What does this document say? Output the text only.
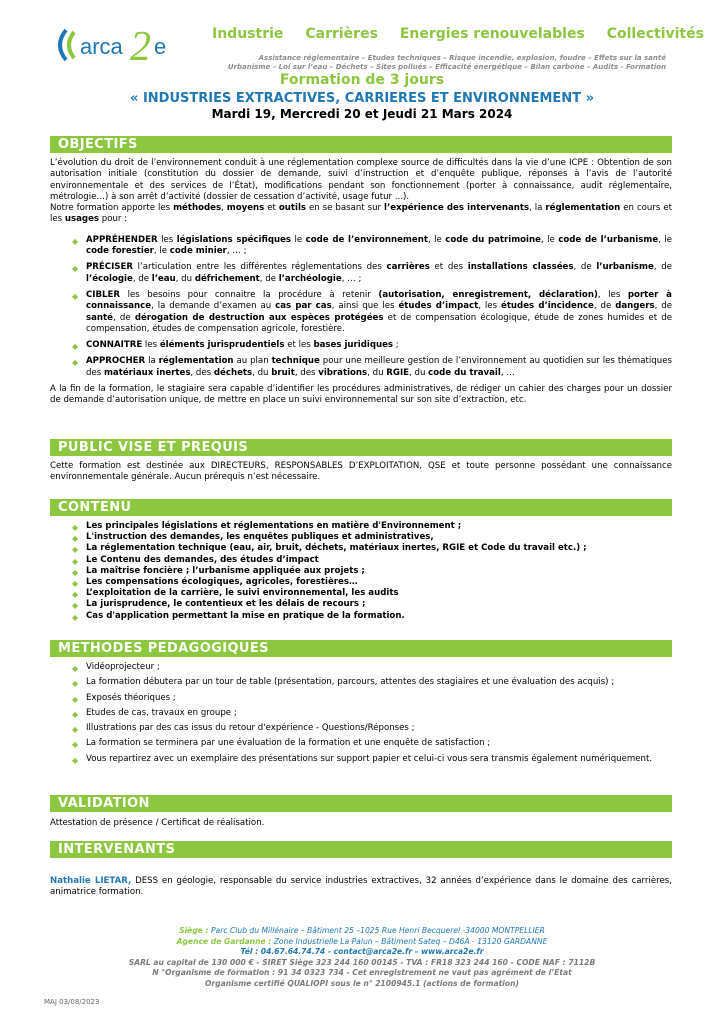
arca 2 e	Industrie Carrières Energies renouvelables Collectivités
Assistance réglementaire – Etudes techniques – Risque incendie, explosion, foudre – Effets sur la santé
Urbanisme – Loi sur l’eau – Déchets – Sites pollués – Efficacité énergétique – Bilan carbone – Audits - Formation
Formation de 3 jours
« INDUSTRIES EXTRACTIVES, CARRIERES ET ENVIRONNEMENT »
Mardi 19, Mercredi 20 et Jeudi 21 Mars 2024
OBJECTIFS

L’évolution du droit de l’environnement conduit à une réglementation complexe source de difficultés dans la vie d’une ICPE : Obtention de son autorisation initiale (constitution du dossier de demande, suivi d’instruction et d’enquête publique, réponses à l’avis de l’autorité environnementale et des services de l’État), modifications pendant son fonctionnement (porter à connaissance, audit réglementaire, métrologie…) à son arrêt d’activité (dossier de cessation d’activité, usage futur ...).

Notre formation apporte les méthodes, moyens et outils en se basant sur l’expérience des intervenants, la réglementation en cours et les usages pour :

◆ APPRÉHENDER les législations spécifiques le code de l’environnement, le code du patrimoine, le code de l’urbanisme, le code forestier, le code minier, … ;
◆ PRÉCISER l’articulation entre les différentes réglementations des carrières et des installations classées, de l’urbanisme, de l’écologie, de l’eau, du défrichement, de l’archéologie, … ;
◆ CIBLER les besoins pour connaitre la procédure à retenir (autorisation, enregistrement, déclaration), les porter à connaissance, la demande d’examen au cas par cas, ainsi que les études d’impact, les études d’incidence, de dangers, de santé, de dérogation de destruction aux espèces protégées et de compensation écologique, étude de zones humides et de compensation, études de compensation agricole, forestière.
◆ CONNAITRE les éléments jurisprudentiels et les bases juridiques ;
◆ APPROCHER la réglementation au plan technique pour une meilleure gestion de l’environnement au quotidien sur les thématiques des matériaux inertes, des déchets, du bruit, des vibrations, du RGIE, du code du travail, …

A la fin de la formation, le stagiaire sera capable d’identifier les procédures administratives, de rédiger un cahier des charges pour un dossier de demande d’autorisation unique, de mettre en place un suivi environnemental sur son site d’extraction, etc.

PUBLIC VISE ET PREQUIS
Cette formation est destinée aux DIRECTEURS, RESPONSABLES D’EXPLOITATION, QSE et toute personne possédant une connaissance environnementale générale. Aucun prérequis n’est nécessaire.
CONTENU
◆ Les principales législations et réglementations en matière d'Environnement ;
◆ L'instruction des demandes, les enquêtes publiques et administratives,
◆ La réglementation technique (eau, air, bruit, déchets, matériaux inertes, RGIE et Code du travail etc.) ;
◆ Le Contenu des demandes, des études d’impact
◆ La maîtrise foncière ; l’urbanisme appliquée aux projets ;
◆ Les compensations écologiques, agricoles, forestières…
◆ L’exploitation de la carrière, le suivi environnemental, les audits
◆ La jurisprudence, le contentieux et les délais de recours ;
◆ Cas d'application permettant la mise en pratique de la formation.
METHODES PEDAGOGIQUES
◆ Vidéoprojecteur ;
◆ La formation débutera par un tour de table (présentation, parcours, attentes des stagiaires et une évaluation des acquis) ;
◆ Exposés théoriques ;
◆ Etudes de cas, travaux en groupe ;
◆ Illustrations par des cas issus du retour d'expérience - Questions/Réponses ;
◆ La formation se terminera par une évaluation de la formation et une enquête de satisfaction ;
◆ Vous repartirez avec un exemplaire des présentations sur support papier et celui-ci vous sera transmis également numériquement.
VALIDATION
Attestation de présence / Certificat de réalisation.
INTERVENANTS
Nathalie LIETAR, DESS en géologie, responsable du service industries extractives, 32 années d’expérience dans le domaine des carrières, animatrice formation.
Siège : Parc Club du Millénaire – Bâtiment 25 –1025 Rue Henri Becquerel -34000 MONTPELLIER
Agence de Gardanne : Zone Industrielle La Palun – Bâtiment Sateq – D46A - 13120 GARDANNE
Tél : 04.67.64.74.74 - contact@arca2e.fr – www.arca2e.fr
SARL au capital de 130 000 € - SIRET Siège 323 244 160 00145 - TVA : FR18 323 244 160 - CODE NAF : 7112B
N °Organisme de formation : 91 34 0323 734 - Cet enregistrement ne vaut pas agrément de l’Etat
Organisme certifié QUALIOPI sous le n° 2100945.1 (actions de formation)
MAJ 03/08/2023
